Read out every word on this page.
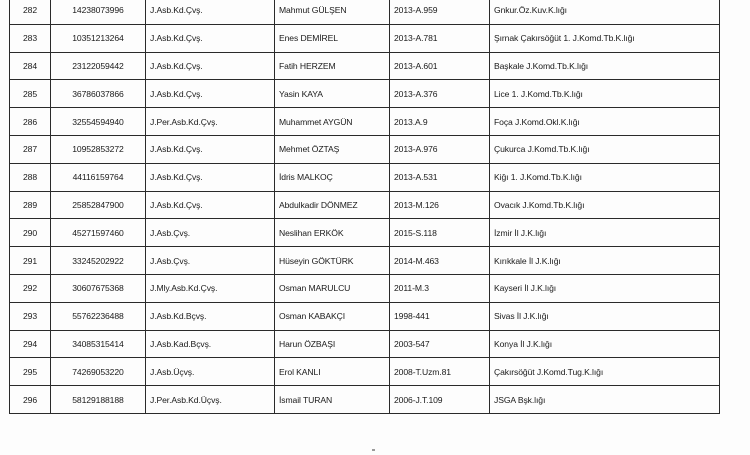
282	14238073996	J.Asb.Kd.Çvş.	Mahmut GÜLŞEN	2013-A.959	Gnkur.Öz.Kuv.K.lığı
283	10351213264	J.Asb.Kd.Çvş.	Enes DEMİREL	2013-A.781	Şırnak Çakırsöğüt 1. J.Komd.Tb.K.lığı
284	23122059442	J.Asb.Kd.Çvş.	Fatih HERZEM	2013-A.601	Başkale J.Komd.Tb.K.lığı
285	36786037866	J.Asb.Kd.Çvş.	Yasin KAYA	2013-A.376	Lice 1. J.Komd.Tb.K.lığı
286	32554594940	J.Per.Asb.Kd.Çvş.	Muhammet AYGÜN	2013.A.9	Foça J.Komd.Okl.K.lığı
287	10952853272	J.Asb.Kd.Çvş.	Mehmet ÖZTAŞ	2013-A.976	Çukurca J.Komd.Tb.K.lığı
288	44116159764	J.Asb.Kd.Çvş.	İdris MALKOÇ	2013-A.531	Kiğı 1. J.Komd.Tb.K.lığı
289	25852847900	J.Asb.Kd.Çvş.	Abdulkadir DÖNMEZ	2013-M.126	Ovacık J.Komd.Tb.K.lığı
290	45271597460	J.Asb.Çvş.	Neslihan ERKÖK	2015-S.118	İzmir İl J.K.lığı
291	33245202922	J.Asb.Çvş.	Hüseyin GÖKTÜRK	2014-M.463	Kırıkkale İl J.K.lığı
292	30607675368	J.Mly.Asb.Kd.Çvş.	Osman MARULCU	2011-M.3	Kayseri İl J.K.lığı
293	55762236488	J.Asb.Kd.Bçvş.	Osman KABAKÇI	1998-441	Sivas İl J.K.lığı
294	34085315414	J.Asb.Kad.Bçvş.	Harun ÖZBAŞI	2003-547	Konya İl J.K.lığı
295	74269053220	J.Asb.Üçvş.	Erol KANLI	2008-T.Uzm.81	Çakırsöğüt J.Komd.Tug.K.lığı
296	58129188188	J.Per.Asb.Kd.Üçvş.	İsmail TURAN	2006-J.T.109	JSGA Bşk.lığı
